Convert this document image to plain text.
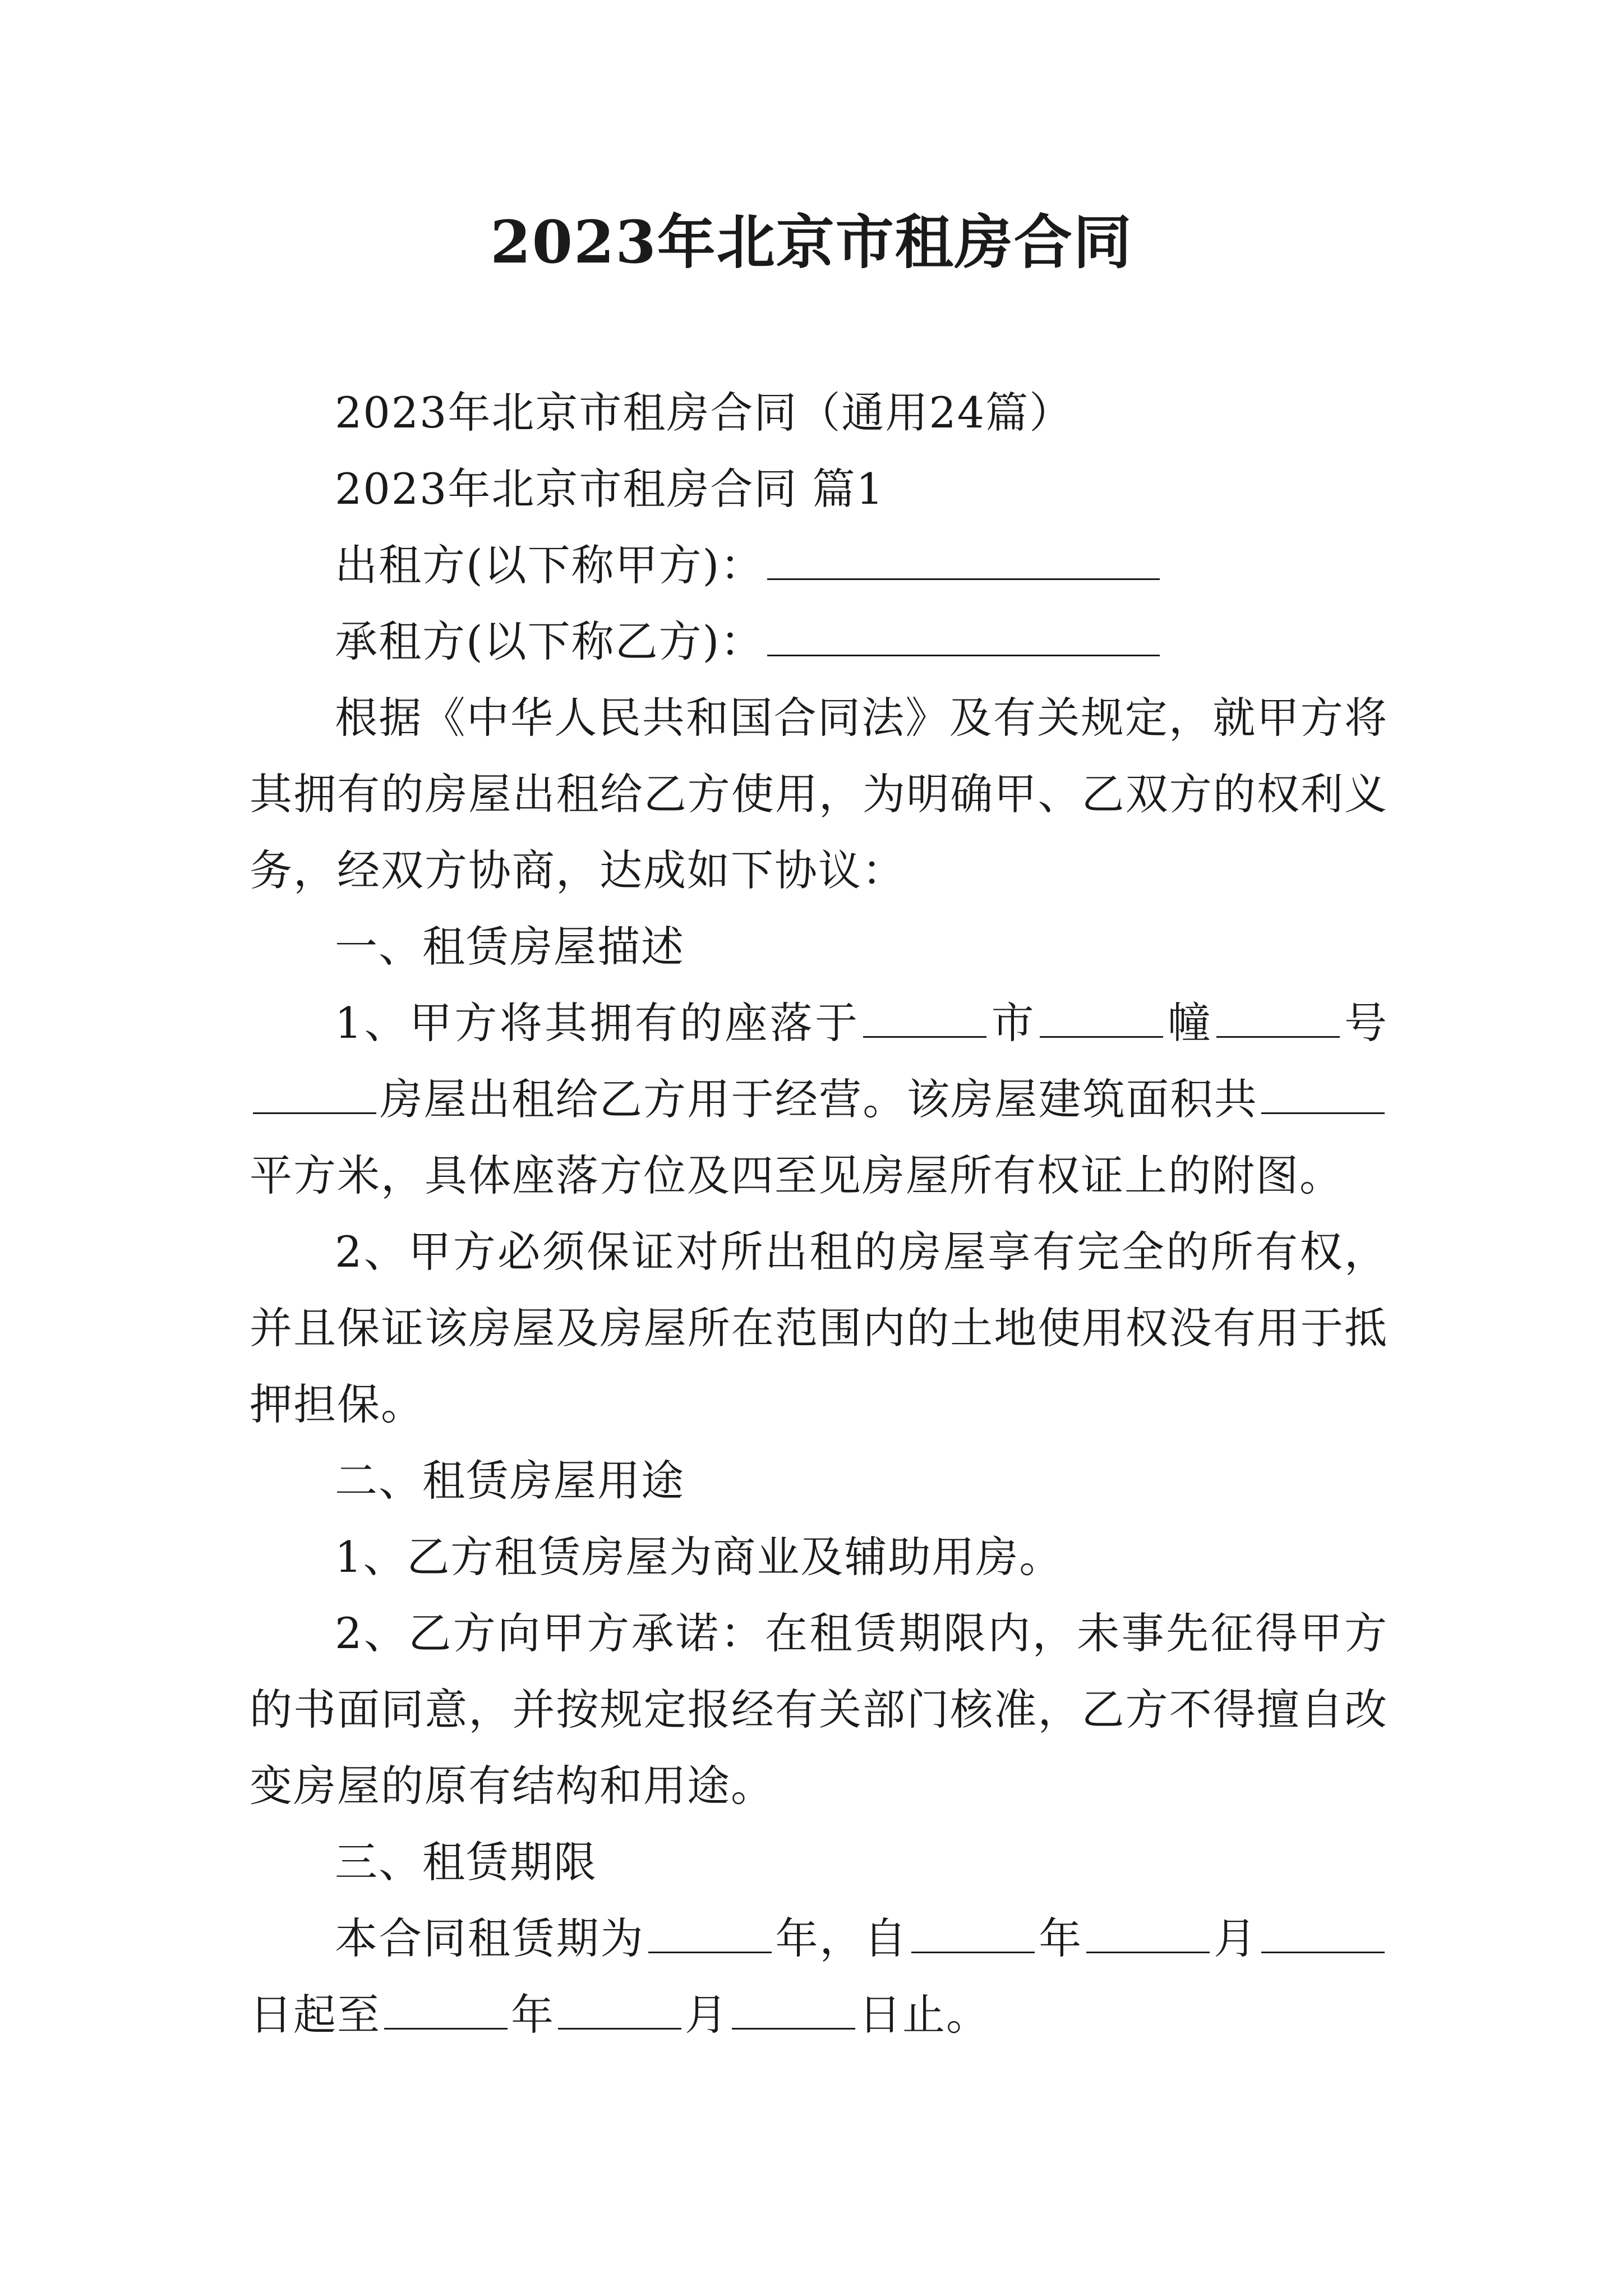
2023年北京市租房合同

2023年北京市租房合同（通用24篇）

2023年北京市租房合同 篇1

出租方(以下称甲方)：

承租方(以下称乙方)：

根据《中华人民共和国合同法》及有关规定，就甲方将其拥有的房屋出租给乙方使用，为明确甲、乙双方的权利义务，经双方协商，达成如下协议：

一、租赁房屋描述

1、甲方将其拥有的座落于	市	幢	号房屋出租给乙方用于经营。该房屋建筑面积共平方米，具体座落方位及四至见房屋所有权证上的附图。

2、甲方必须保证对所出租的房屋享有完全的所有权，并且保证该房屋及房屋所在范围内的土地使用权没有用于抵押担保。

二、租赁房屋用途

1、乙方租赁房屋为商业及辅助用房。

2、乙方向甲方承诺：在租赁期限内，未事先征得甲方的书面同意，并按规定报经有关部门核准，乙方不得擅自改变房屋的原有结构和用途。

三、租赁期限

本合同租赁期为	年，自	年	月日起至	年	月	日止。
